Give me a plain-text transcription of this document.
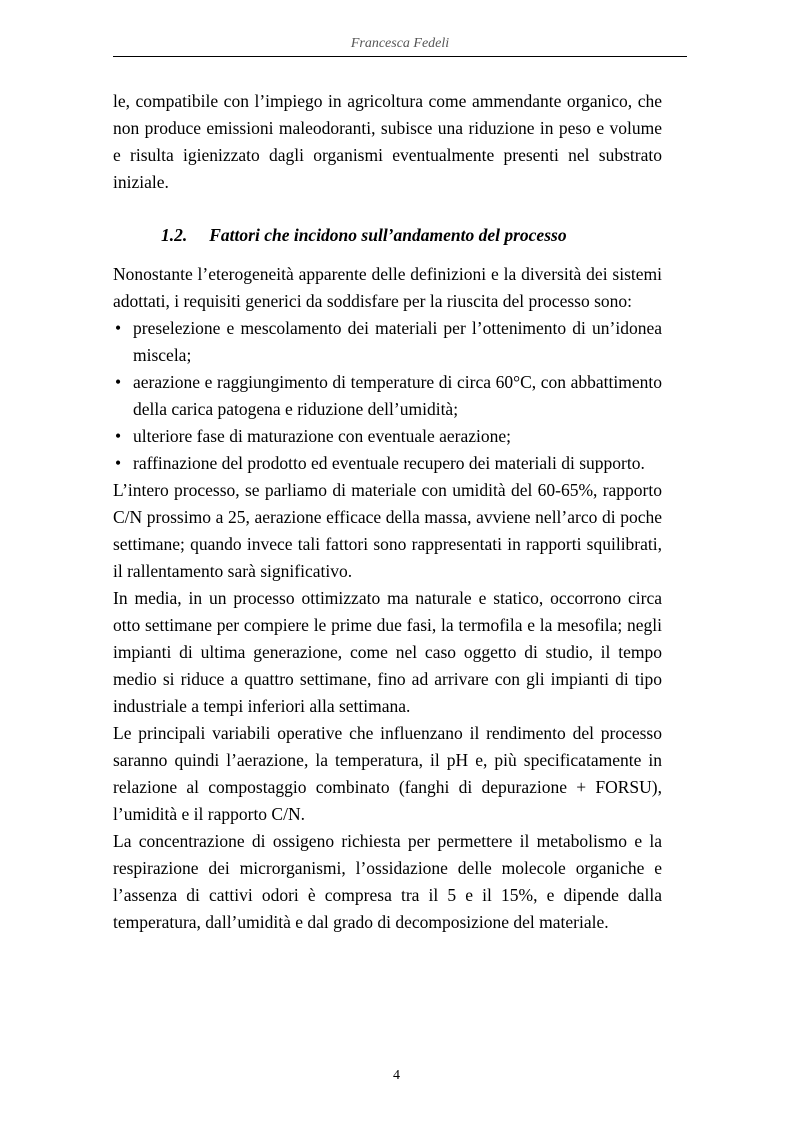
Francesca Fedeli

le, compatibile con l’impiego in agricoltura come ammendante organico, che non produce emissioni maleodoranti, subisce una riduzione in peso e volume e risulta igienizzato dagli organismi eventualmente presenti nel substrato iniziale.

1.2. Fattori che incidono sull’andamento del processo

Nonostante l’eterogeneità apparente delle definizioni e la diversità dei sistemi adottati, i requisiti generici da soddisfare per la riuscita del processo sono:

• preselezione e mescolamento dei materiali per l’ottenimento di un’idonea miscela;
• aerazione e raggiungimento di temperature di circa 60°C, con abbattimento della carica patogena e riduzione dell’umidità;
• ulteriore fase di maturazione con eventuale aerazione;
• raffinazione del prodotto ed eventuale recupero dei materiali di supporto.

L’intero processo, se parliamo di materiale con umidità del 60-65%, rapporto C/N prossimo a 25, aerazione efficace della massa, avviene nell’arco di poche settimane; quando invece tali fattori sono rappresentati in rapporti squilibrati, il rallentamento sarà significativo.

In media, in un processo ottimizzato ma naturale e statico, occorrono circa otto settimane per compiere le prime due fasi, la termofila e la mesofila; negli impianti di ultima generazione, come nel caso oggetto di studio, il tempo medio si riduce a quattro settimane, fino ad arrivare con gli impianti di tipo industriale a tempi inferiori alla settimana.

Le principali variabili operative che influenzano il rendimento del processo saranno quindi l’aerazione, la temperatura, il pH e, più specificatamente in relazione al compostaggio combinato (fanghi di depurazione + FORSU), l’umidità e il rapporto C/N.

La concentrazione di ossigeno richiesta per permettere il metabolismo e la respirazione dei microrganismi, l’ossidazione delle molecole organiche e l’assenza di cattivi odori è compresa tra il 5 e il 15%, e dipende dalla temperatura, dall’umidità e dal grado di decomposizione del materiale.

4
